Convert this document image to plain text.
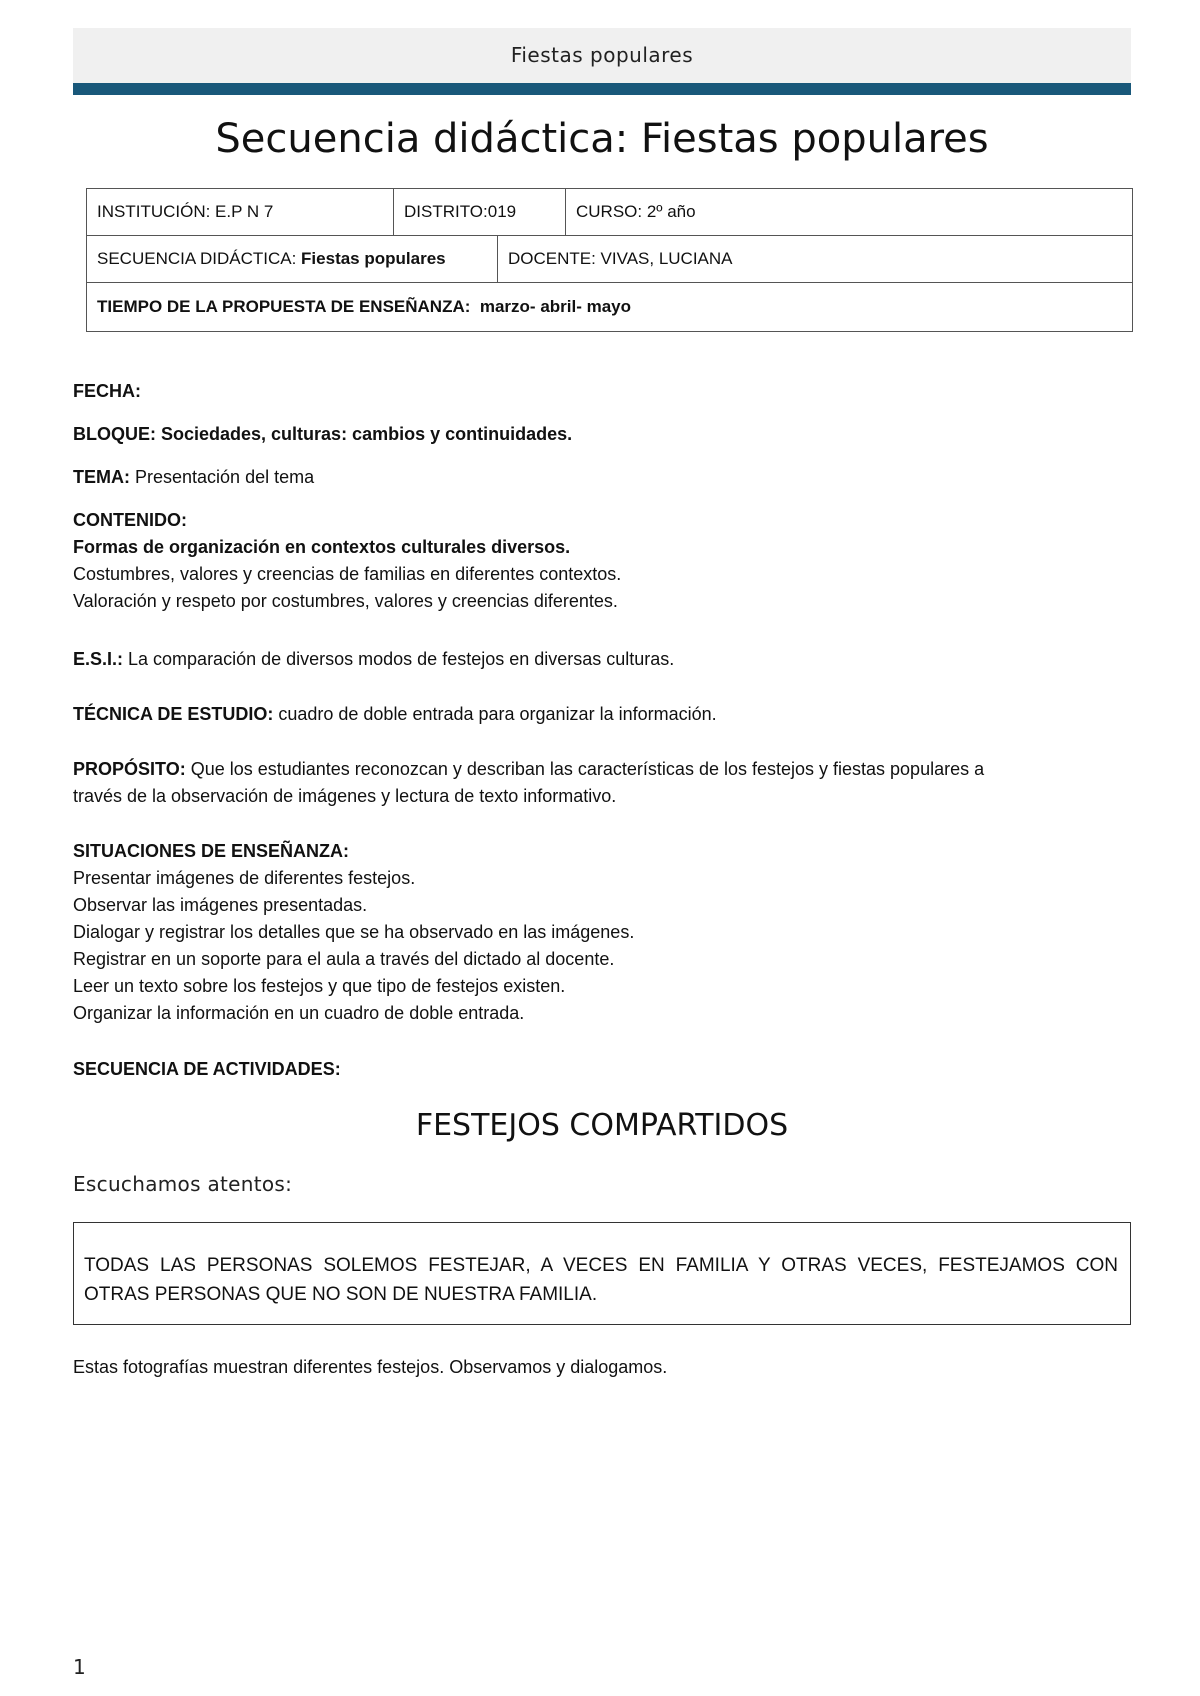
Fiestas populares
Secuencia didáctica: Fiestas populares
INSTITUCIÓN: E.P N 7	DISTRITO:019	CURSO: 2º año
SECUENCIA DIDÁCTICA: Fiestas populares	DOCENTE: VIVAS, LUCIANA
TIEMPO DE LA PROPUESTA DE ENSEÑANZA:
marzo- abril- mayo

FECHA:

BLOQUE: Sociedades, culturas: cambios y continuidades.

TEMA: Presentación del tema

CONTENIDO:

Formas de organización en contextos culturales diversos.

Costumbres, valores y creencias de familias en diferentes contextos.

Valoración y respeto por costumbres, valores y creencias diferentes.

E.S.I.: La comparación de diversos modos de festejos en diversas culturas.

TÉCNICA DE ESTUDIO: cuadro de doble entrada para organizar la información.

PROPÓSITO: Que los estudiantes reconozcan y describan las características de los festejos y fiestas populares a

través de la observación de imágenes y lectura de texto informativo.

SITUACIONES DE ENSEÑANZA:

Presentar imágenes de diferentes festejos.

Observar las imágenes presentadas.

Dialogar y registrar los detalles que se ha observado en las imágenes.

Registrar en un soporte para el aula a través del dictado al docente.

Leer un texto sobre los festejos y que tipo de festejos existen.

Organizar la información en un cuadro de doble entrada.

SECUENCIA DE ACTIVIDADES:

FESTEJOS COMPARTIDOS
Escuchamos atentos:
TODAS LAS PERSONAS SOLEMOS FESTEJAR, A VECES EN FAMILIA Y OTRAS VECES, FESTEJAMOS CON
OTRAS PERSONAS QUE NO SON DE NUESTRA FAMILIA.
Estas fotografías muestran diferentes festejos. Observamos y dialogamos.
1
